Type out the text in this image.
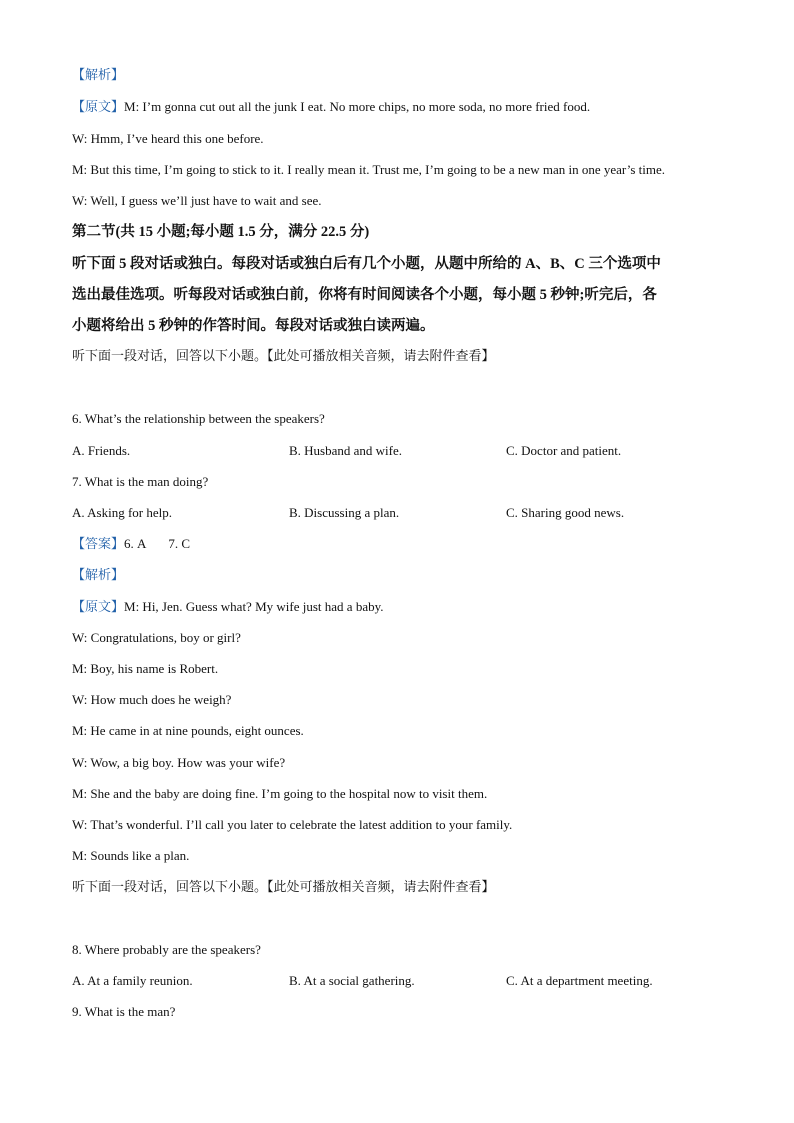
【解析】
【原文】M: I’m gonna cut out all the junk I eat. No more chips, no more soda, no more fried food.
W: Hmm, I’ve heard this one before.
M: But this time, I’m going to stick to it. I really mean it. Trust me, I’m going to be a new man in one year’s time.
W: Well, I guess we’ll just have to wait and see.
第二节(共 15 小题;每小题 1.5 分，满分 22.5 分)
听下面 5 段对话或独白。每段对话或独白后有几个小题，从题中所给的 A、B、C 三个选项中
选出最佳选项。听每段对话或独白前，你将有时间阅读各个小题，每小题 5 秒钟;听完后，各
小题将给出 5 秒钟的作答时间。每段对话或独白读两遍。
听下面一段对话，回答以下小题。【此处可播放相关音频，请去附件查看】
6. What’s the relationship between the speakers?
A. Friends.	B. Husband and wife.	C. Doctor and patient.
7. What is the man doing?
A. Asking for help.	B. Discussing a plan.	C. Sharing good news.
【答案】6. A 7. C
【解析】
【原文】M: Hi, Jen. Guess what? My wife just had a baby.
W: Congratulations, boy or girl?
M: Boy, his name is Robert.
W: How much does he weigh?
M: He came in at nine pounds, eight ounces.
W: Wow, a big boy. How was your wife?
M: She and the baby are doing fine. I’m going to the hospital now to visit them.
W: That’s wonderful. I’ll call you later to celebrate the latest addition to your family.
M: Sounds like a plan.
听下面一段对话，回答以下小题。【此处可播放相关音频，请去附件查看】
8. Where probably are the speakers?
A. At a family reunion.	B. At a social gathering.	C. At a department meeting.
9. What is the man?
